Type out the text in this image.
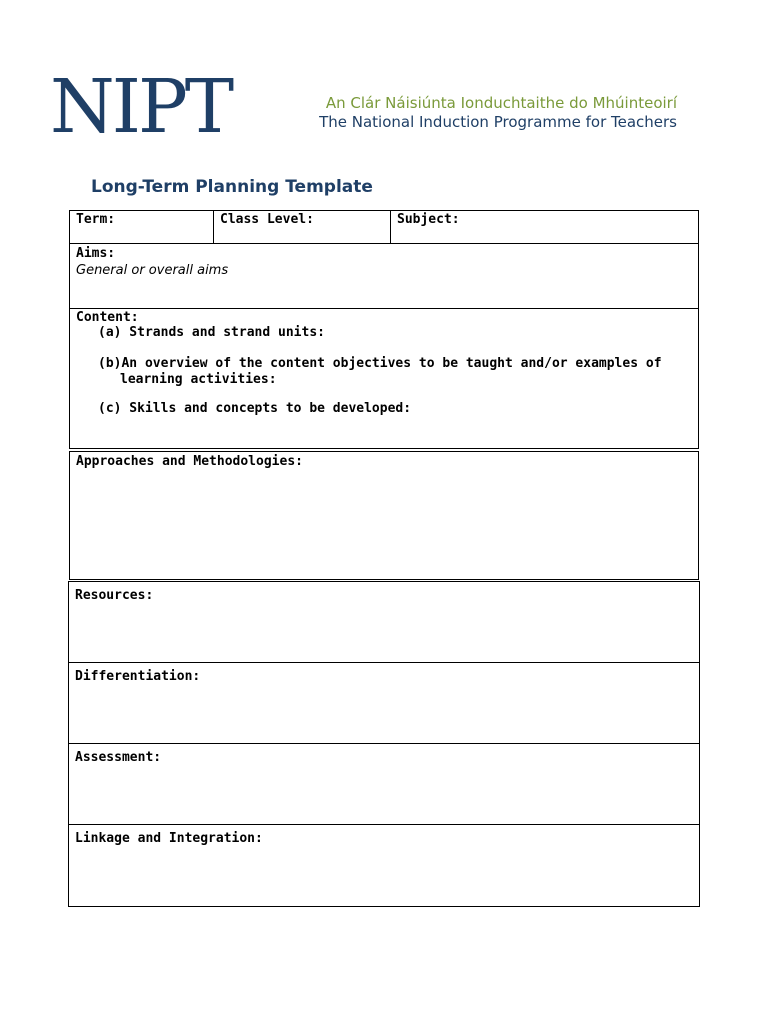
NIPT	An Clár Náisiúnta Ionduchtaithe do Mhúinteoirí
The National Induction Programme for Teachers
Long-Term Planning Template
Term:	Class Level:	Subject:
Aims:
General or overall aims
Content:
(a) Strands and strand units:
(b)An overview of the content objectives to be taught and/or examples of learning activities:
(c) Skills and concepts to be developed:
Approaches and Methodologies:
Resources:
Differentiation:
Assessment:
Linkage and Integration:
